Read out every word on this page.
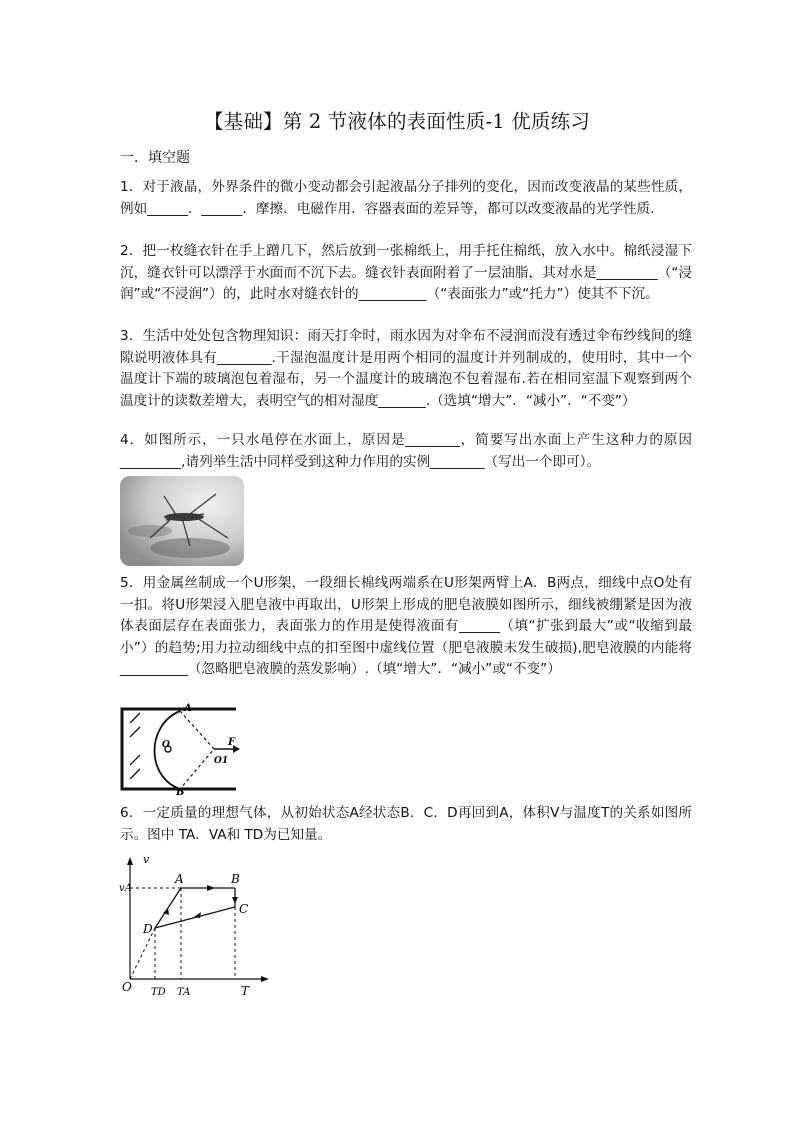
【基础】第 2 节液体的表面性质-1 优质练习
一．填空题

1．对于液晶，外界条件的微小变动都会引起液晶分子排列的变化，因而改变液晶的某些性质，例如______．______．摩擦．电磁作用．容器表面的差异等，都可以改变液晶的光学性质.

2．把一枚缝衣针在手上蹭几下，然后放到一张棉纸上，用手托住棉纸，放入水中。棉纸浸湿下沉，缝衣针可以漂浮于水面而不沉下去。缝衣针表面附着了一层油脂，其对水是_________（“浸润”或“不浸润”）的，此时水对缝衣针的__________（“表面张力”或“托力”）使其不下沉。

3．生活中处处包含物理知识：雨天打伞时，雨水因为对伞布不浸润而没有透过伞布纱线间的缝隙说明液体具有________.干湿泡温度计是用两个相同的温度计并列制成的，使用时，其中一个温度计下端的玻璃泡包着湿布，另一个温度计的玻璃泡不包着湿布.若在相同室温下观察到两个温度计的读数差增大，表明空气的相对湿度_______.（选填“增大”．“减小”．“不变”）

4．如图所示，一只水黾停在水面上，原因是________，简要写出水面上产生这种力的原因_________,请列举生活中同样受到这种力作用的实例________（写出一个即可）。

5．用金属丝制成一个U形架，一段细长棉线两端系在U形架两臂上A．B两点，细线中点O处有一扣。将U形架浸入肥皂液中再取出，U形架上形成的肥皂液膜如图所示，细线被绷紧是因为液体表面层存在表面张力，表面张力的作用是使得液面有______（填“扩张到最大”或“收缩到最小”）的趋势;用力拉动细线中点的扣至图中虚线位置（肥皂液膜未发生破损),肥皂液膜的内能将__________（忽略肥皂液膜的蒸发影响）.（填“增大”．“减小”或“不变”）

A
B
O
O1
F

6．一定质量的理想气体，从初始状态A经状态B．C．D再回到A，体积V与温度T的关系如图所示。图中 TA．VA和 TD为已知量。

v
T
O
vA
TD TA
A	B
C
D
